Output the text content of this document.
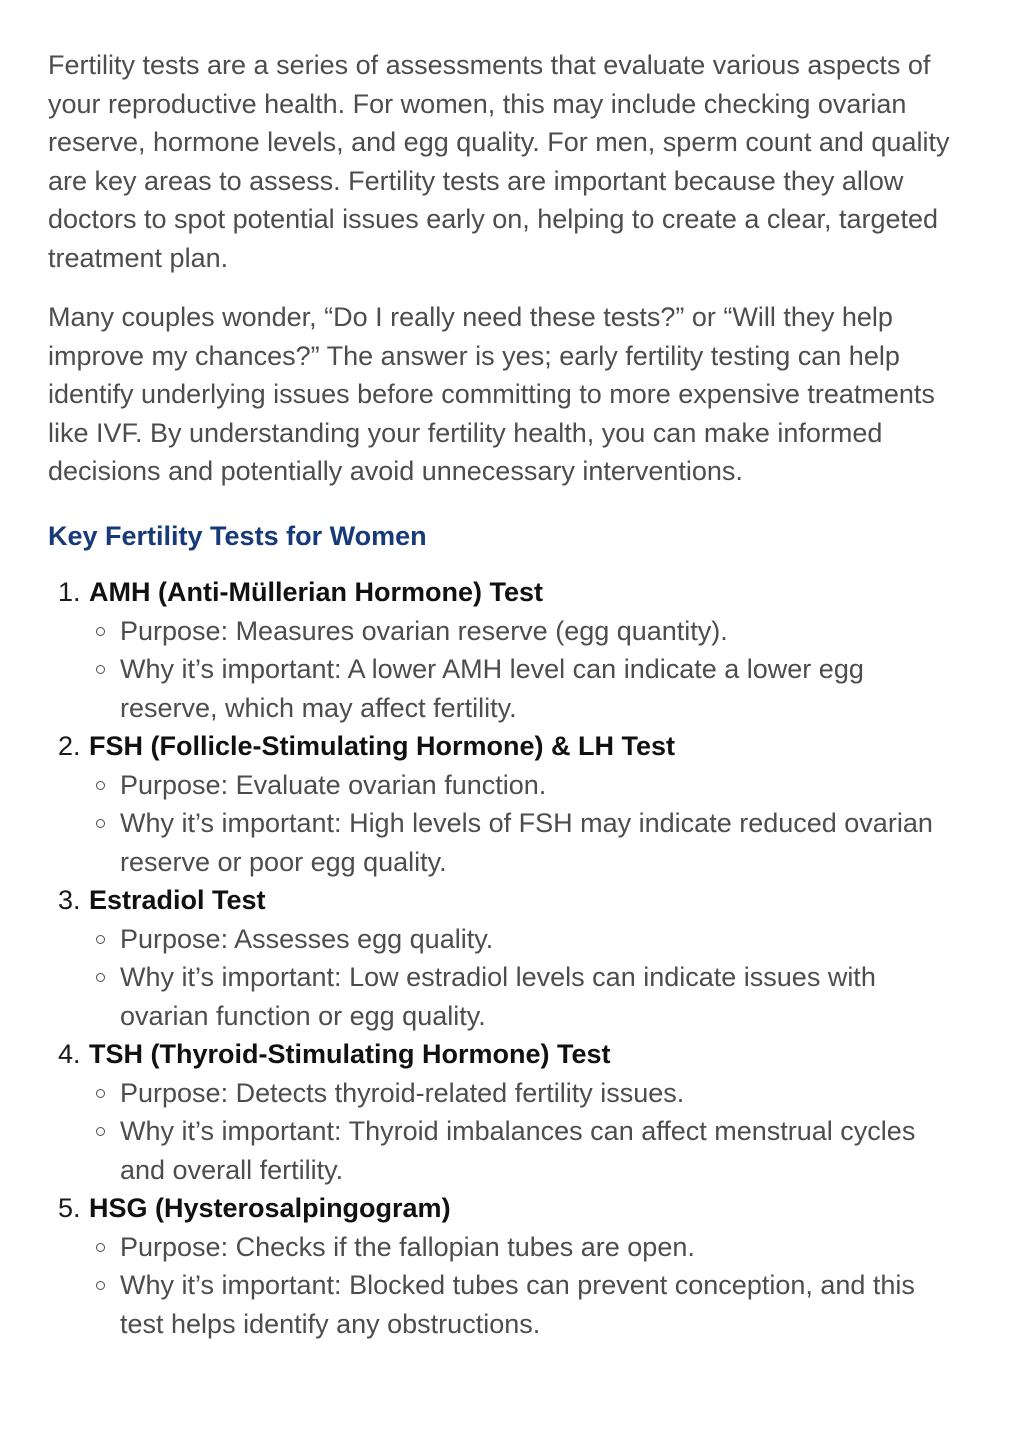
Fertility tests are a series of assessments that evaluate various aspects of your reproductive health. For women, this may include checking ovarian reserve, hormone levels, and egg quality. For men, sperm count and quality are key areas to assess. Fertility tests are important because they allow doctors to spot potential issues early on, helping to create a clear, targeted treatment plan.

Many couples wonder, “Do I really need these tests?” or “Will they help improve my chances?” The answer is yes; early fertility testing can help identify underlying issues before committing to more expensive treatments like IVF. By understanding your fertility health, you can make informed decisions and potentially avoid unnecessary interventions.

Key Fertility Tests for Women
1. AMH (Anti-Müllerian Hormone) Test
Purpose: Measures ovarian reserve (egg quantity).
Why it’s important: A lower AMH level can indicate a lower egg reserve, which may affect fertility.
2. FSH (Follicle-Stimulating Hormone) & LH Test
Purpose: Evaluate ovarian function.
Why it’s important: High levels of FSH may indicate reduced ovarian reserve or poor egg quality.
3. Estradiol Test
Purpose: Assesses egg quality.
Why it’s important: Low estradiol levels can indicate issues with ovarian function or egg quality.
4. TSH (Thyroid-Stimulating Hormone) Test
Purpose: Detects thyroid-related fertility issues.
Why it’s important: Thyroid imbalances can affect menstrual cycles and overall fertility.
5. HSG (Hysterosalpingogram)
Purpose: Checks if the fallopian tubes are open.
Why it’s important: Blocked tubes can prevent conception, and this test helps identify any obstructions.
